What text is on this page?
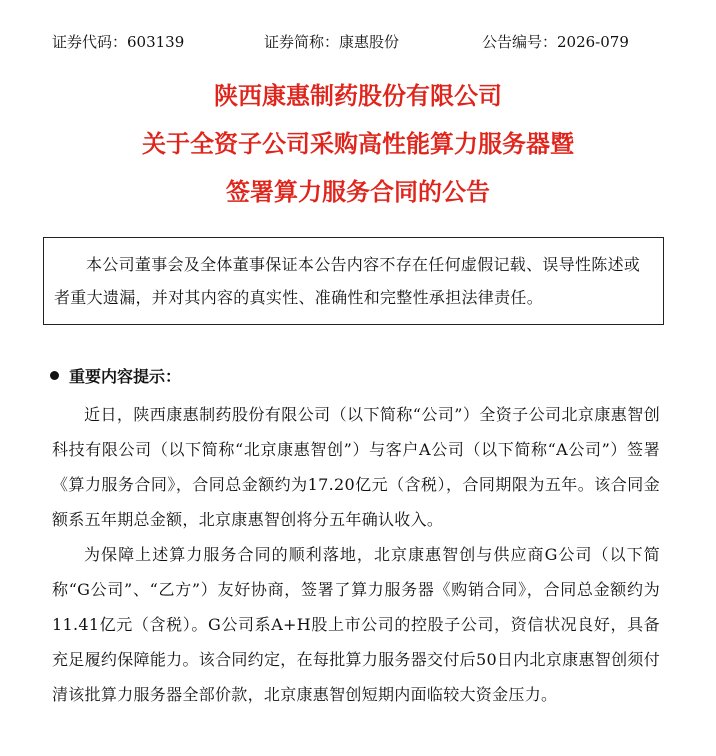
证券代码：603139	证券简称：康惠股份	公告编号：2026-079
陕西康惠制药股份有限公司
关于全资子公司采购高性能算力服务器暨
签署算力服务合同的公告

本公司董事会及全体董事保证本公告内容不存在任何虚假记载、误导性陈述或者重大遗漏，并对其内容的真实性、准确性和完整性承担法律责任。

重要内容提示：

近日，陕西康惠制药股份有限公司（以下简称“公司”）全资子公司北京康惠智创科技有限公司（以下简称“北京康惠智创”）与客户A公司（以下简称“A公司”）签署《算力服务合同》，合同总金额约为17.20亿元（含税），合同期限为五年。该合同金额系五年期总金额，北京康惠智创将分五年确认收入。

为保障上述算力服务合同的顺利落地，北京康惠智创与供应商G公司（以下简称“G公司”、“乙方”）友好协商，签署了算力服务器《购销合同》，合同总金额约为11.41亿元（含税）。G公司系A+H股上市公司的控股子公司，资信状况良好，具备充足履约保障能力。该合同约定，在每批算力服务器交付后50日内北京康惠智创须付清该批算力服务器全部价款，北京康惠智创短期内面临较大资金压力。
